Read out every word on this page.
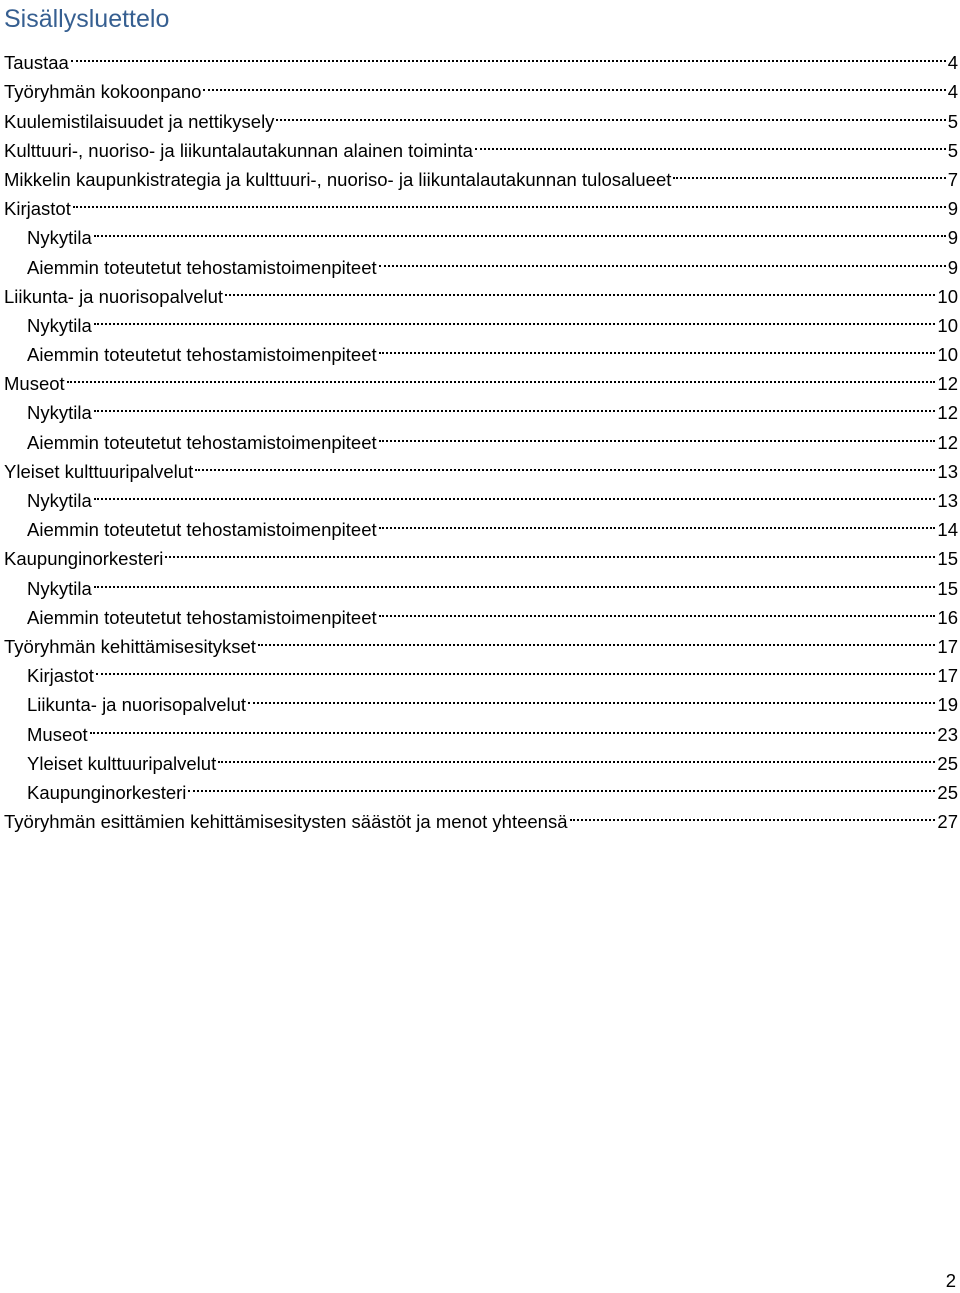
Sisällysluettelo
Taustaa	4
Työryhmän kokoonpano	4
Kuulemistilaisuudet ja nettikysely	5
Kulttuuri-, nuoriso- ja liikuntalautakunnan alainen toiminta	5
Mikkelin kaupunkistrategia ja kulttuuri-, nuoriso- ja liikuntalautakunnan tulosalueet	7
Kirjastot	9
Nykytila	9
Aiemmin toteutetut tehostamistoimenpiteet	9
Liikunta- ja nuorisopalvelut	10
Nykytila	10
Aiemmin toteutetut tehostamistoimenpiteet	10
Museot	12
Nykytila	12
Aiemmin toteutetut tehostamistoimenpiteet	12
Yleiset kulttuuripalvelut	13
Nykytila	13
Aiemmin toteutetut tehostamistoimenpiteet	14
Kaupunginorkesteri	15
Nykytila	15
Aiemmin toteutetut tehostamistoimenpiteet	16
Työryhmän kehittämisesitykset	17
Kirjastot	17
Liikunta- ja nuorisopalvelut	19
Museot	23
Yleiset kulttuuripalvelut	25
Kaupunginorkesteri	25
Työryhmän esittämien kehittämisesitysten säästöt ja menot yhteensä	27
2
